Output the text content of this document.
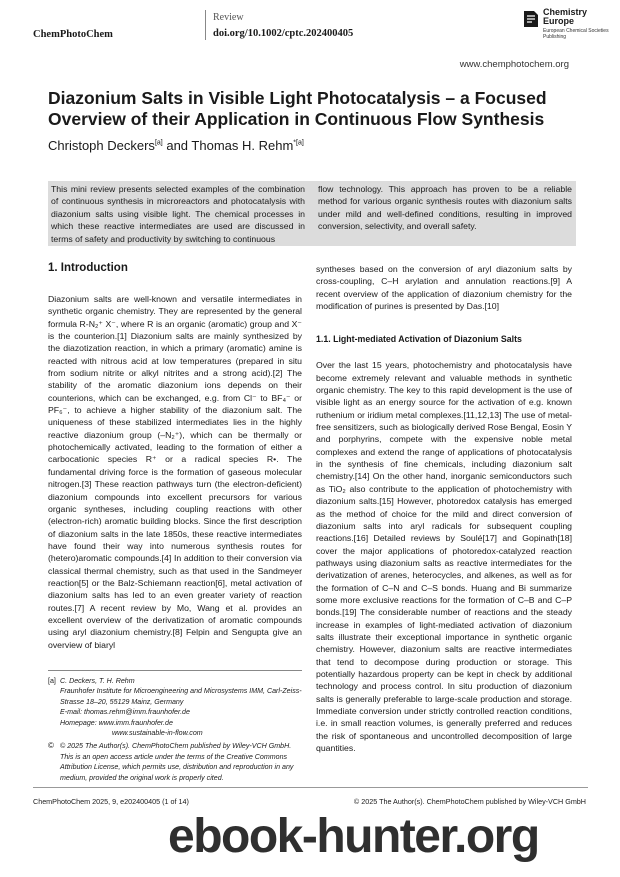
ChemPhotoChem
Review
doi.org/10.1002/cptc.202400405
Chemistry Europe
European Chemical Societies Publishing
www.chemphotochem.org
Diazonium Salts in Visible Light Photocatalysis – a Focused Overview of their Application in Continuous Flow Synthesis
Christoph Deckers[a] and Thomas H. Rehm$^{*[a]}$

This mini review presents selected examples of the combination of continuous synthesis in microreactors and photocatalysis with diazonium salts using visible light. The chemical processes in which these reactive intermediates are used are discussed in terms of safety and productivity by switching to continuous

flow technology. This approach has proven to be a reliable method for various organic synthesis routes with diazonium salts under mild and well-defined conditions, resulting in improved conversion, selectivity, and overall safety.

1. Introduction

Diazonium salts are well-known and versatile intermediates in synthetic organic chemistry. They are represented by the general formula R-N₂⁺ X⁻, where R is an organic (aromatic) group and X⁻ is the counterion.[1] Diazonium salts are mainly synthesized by the diazotization reaction, in which a primary (aromatic) amine is reacted with nitrous acid at low temperatures (prepared in situ from sodium nitrite or alkyl nitrites and a strong acid).[2] The stability of the aromatic diazonium ions depends on their counterions, which can be exchanged, e.g. from Cl⁻ to BF₄⁻ or PF₆⁻, to achieve a higher stability of the diazonium salt. The uniqueness of these stabilized intermediates lies in the highly reactive diazonium group (–N₂⁺), which can be thermally or photochemically activated, leading to the formation of either a carbocationic species R⁺ or a radical species R•. The fundamental driving force is the formation of gaseous molecular nitrogen.[3] These reaction pathways turn (the electron-deficient) diazonium compounds into excellent precursors for various organic syntheses, including coupling reactions with other (electron-rich) aromatic building blocks. Since the first description of diazonium salts in the late 1850s, these reactive intermediates have found their way into numerous synthesis routes for (hetero)aromatic compounds.[4] In addition to their conversion via classical thermal chemistry, such as that used in the Sandmeyer reaction[5] or the Balz-Schiemann reaction[6], metal activation of diazonium salts has led to an even greater variety of reaction routes.[7] A recent review by Mo, Wang et al. provides an excellent overview of the derivatization of aromatic compounds using aryl diazonium chemistry.[8] Felpin and Sengupta give an overview of biaryl

syntheses based on the conversion of aryl diazonium salts by cross-coupling, C–H arylation and annulation reactions.[9] A recent overview of the application of diazonium chemistry for the modification of purines is presented by Das.[10]

1.1. Light-mediated Activation of Diazonium Salts

Over the last 15 years, photochemistry and photocatalysis have become extremely relevant and valuable methods in synthetic organic chemistry. The key to this rapid development is the use of visible light as an energy source for the activation of e.g. known ruthenium or iridium metal complexes.[11,12,13] The use of metal-free sensitizers, such as biologically derived Rose Bengal, Eosin Y and porphyrins, compete with the expensive noble metal complexes and extend the range of applications of photocatalysis in the synthesis of fine chemicals, including diazonium salt chemistry.[14] On the other hand, inorganic semiconductors such as TiO₂ also contribute to the application of photochemistry with diazonium salts.[15] However, photoredox catalysis has emerged as the method of choice for the mild and direct conversion of diazonium salts into aryl radicals for subsequent coupling reactions.[16] Detailed reviews by Soulé[17] and Gopinath[18] cover the major applications of photoredox-catalyzed reaction pathways using diazonium salts as reactive intermediates for the derivatization of arenes, heterocycles, and alkenes, as well as for the formation of C–N and C–S bonds. Huang and Bi summarize some more exclusive reactions for the formation of C–B and C–P bonds.[19] The considerable number of reactions and the steady increase in examples of light-mediated activation of diazonium salts illustrate their exceptional importance in synthetic organic chemistry. However, diazonium salts are reactive intermediates that tend to decompose during production or storage. This potentially hazardous property can be kept in check by additional technology and process control. In situ production of diazonium salts is generally preferable to large-scale production and storage. Immediate conversion under strictly controlled reaction conditions, i.e. in small reaction volumes, is generally preferred and reduces the risk of spontaneous and uncontrolled decomposition of large quantities.

[a] C. Deckers, T. H. Rehm
Fraunhofer Institute for Microengineering and Microsystems IMM, Carl-Zeiss-Strasse 18–20, 55129 Mainz, Germany
E-mail: thomas.rehm@imm.fraunhofer.de
Homepage: www.imm.fraunhofer.de
www.sustainable-in-flow.com
© © 2025 The Author(s). ChemPhotoChem published by Wiley-VCH GmbH. This is an open access article under the terms of the Creative Commons Attribution License, which permits use, distribution and reproduction in any medium, provided the original work is properly cited.
ChemPhotoChem 2025, 9, e202400405 (1 of 14)	© 2025 The Author(s). ChemPhotoChem published by Wiley-VCH GmbH
ebook-hunter.org
